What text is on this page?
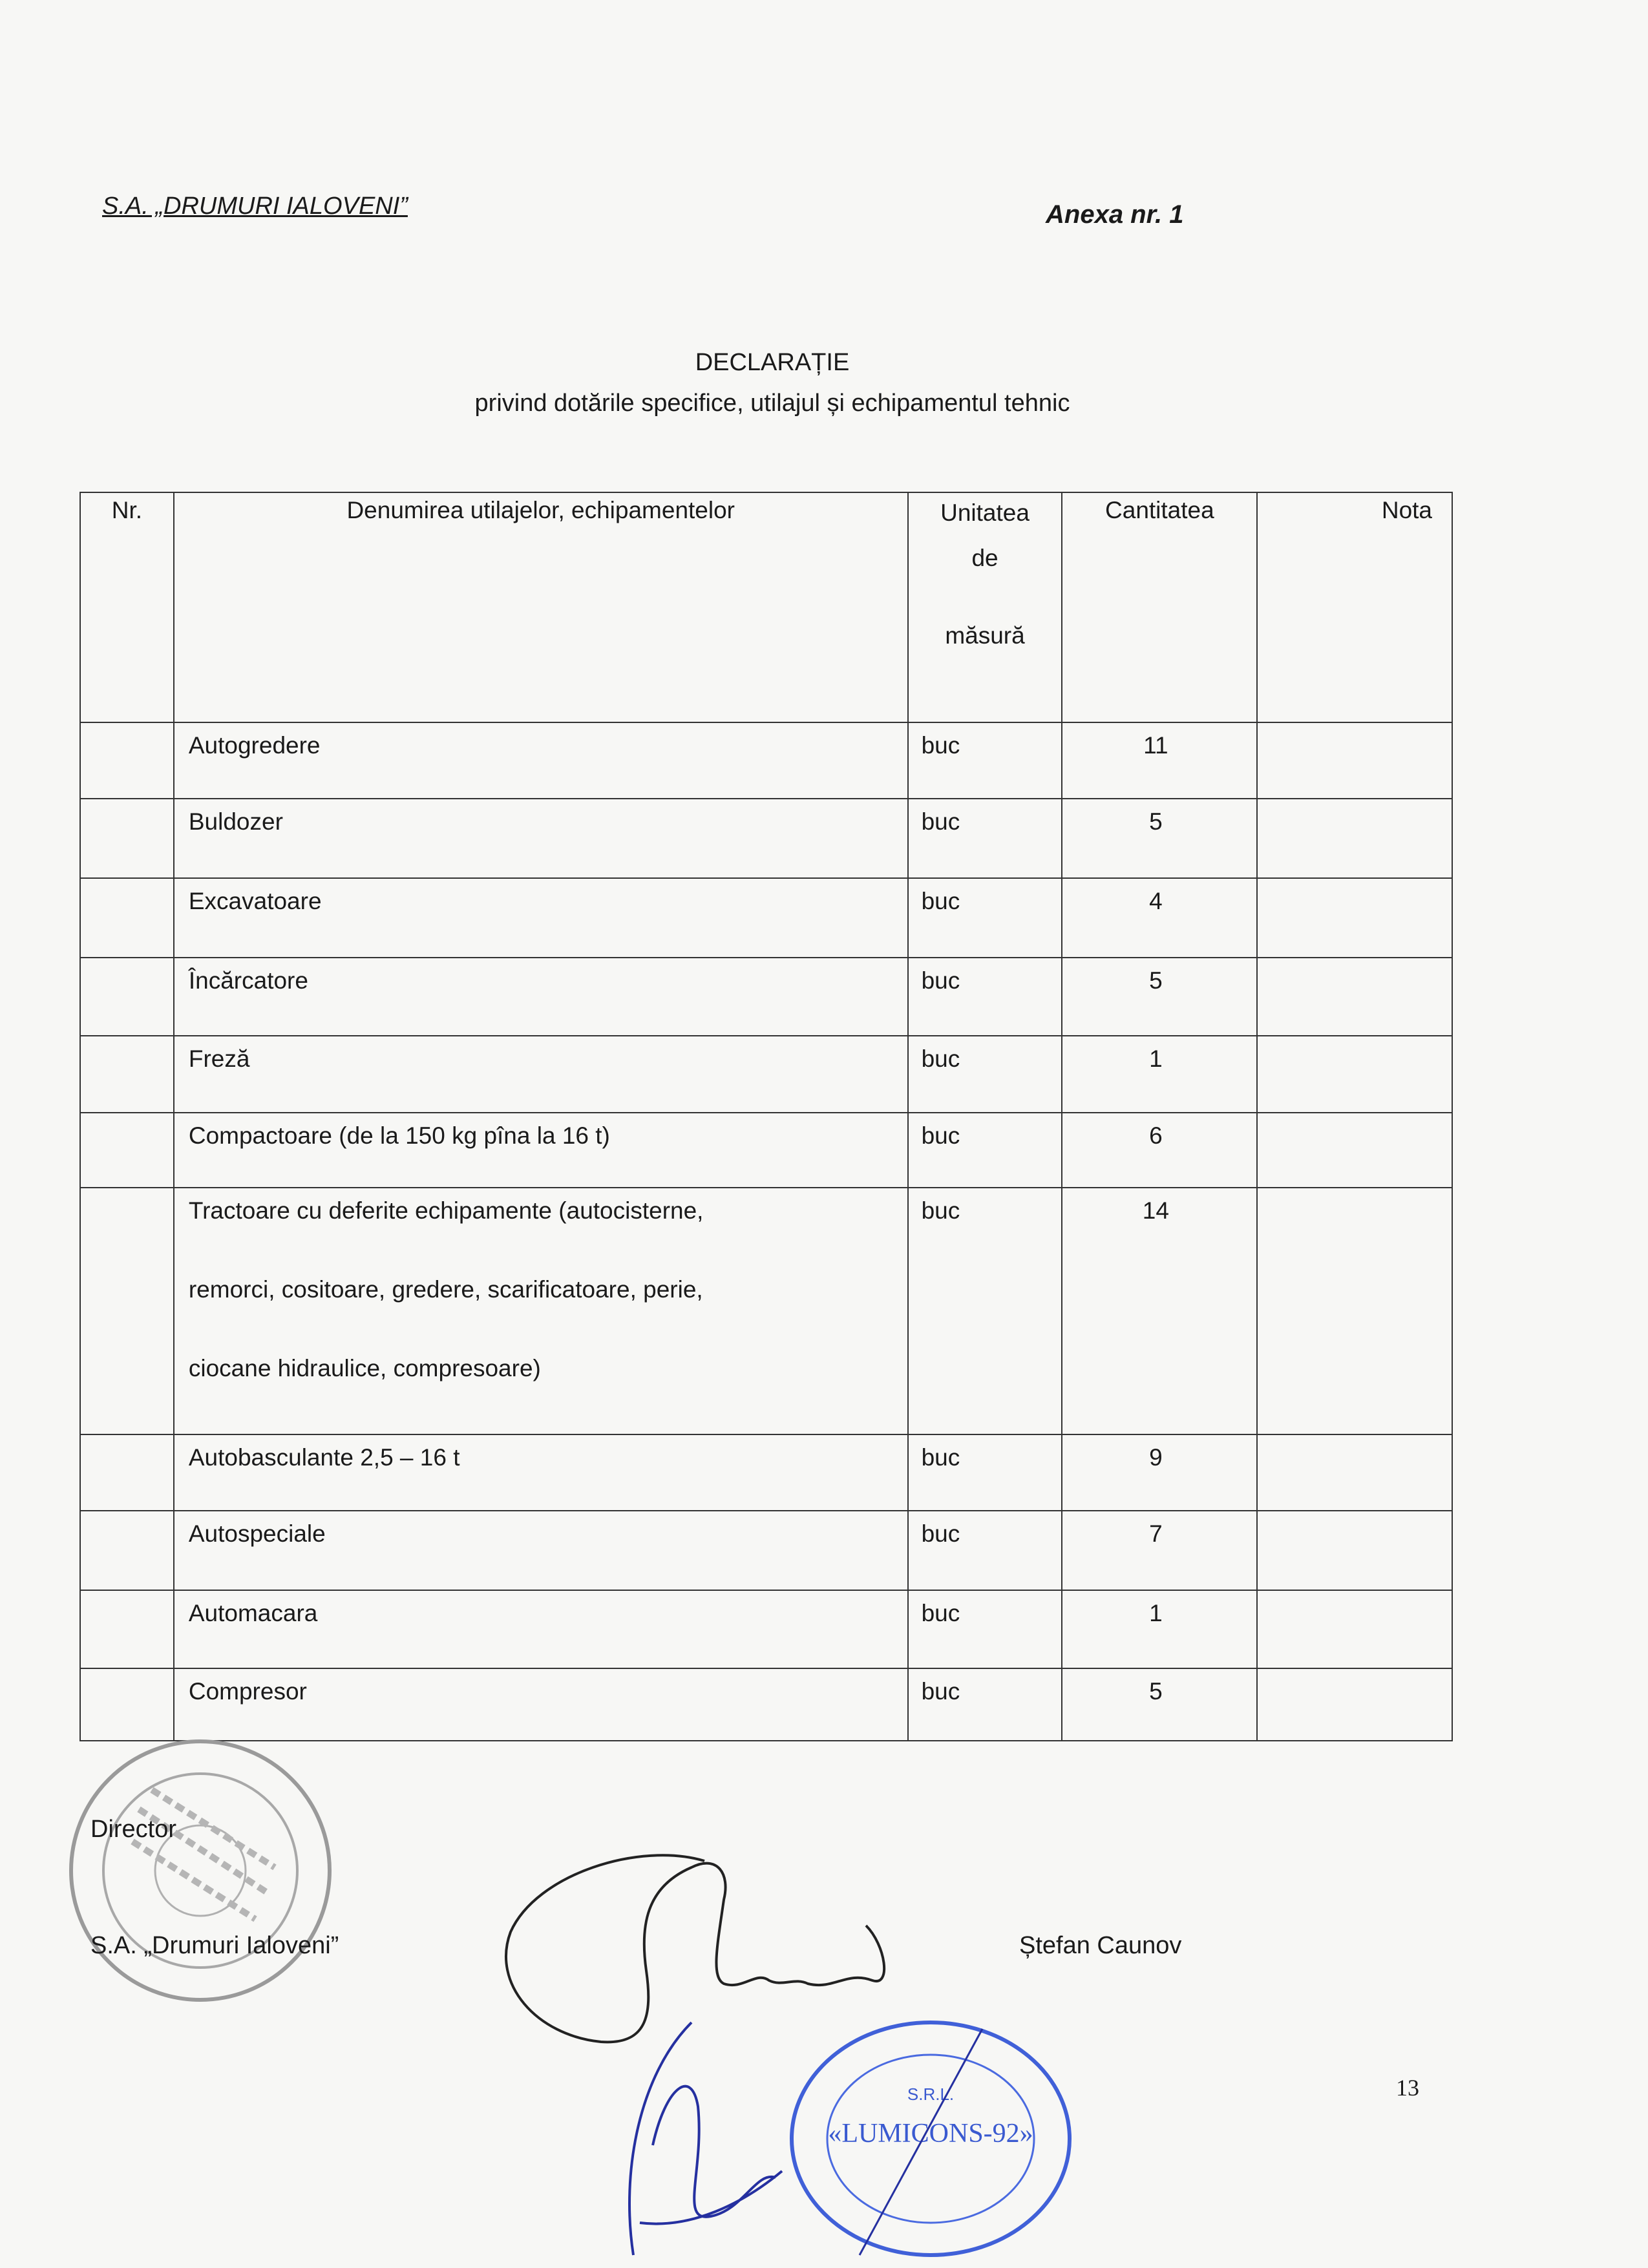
S.A. „DRUMURI IALOVENI”	Anexa nr. 1
DECLARAȚIE
privind dotările specifice, utilajul și echipamentul tehnic
Nr.	Denumirea utilajelor, echipamentelor	Unitatea
de
măsură	Cantitatea	Nota
	Autogredere	buc	11	
	Buldozer	buc	5	
	Excavatoare	buc	4	
	Încărcatore	buc	5	
	Freză	buc	1	
	Compactoare (de la 150 kg pîna la 16 t)	buc	6	

	Tractoare cu deferite echipamente (autocisterne,
remorci, cositoare, gredere, scarificatoare, perie,
ciocane hidraulice, compresoare)	buc	14	
	Autobasculante 2,5 – 16 t	buc	9	
	Autospeciale	buc	7	
	Automacara	buc	1	
	Compresor	buc	5	
Director
S.A. „Drumuri Ialoveni”	Ștefan Caunov
S.R.L.
«LUMICONS-92»
13
